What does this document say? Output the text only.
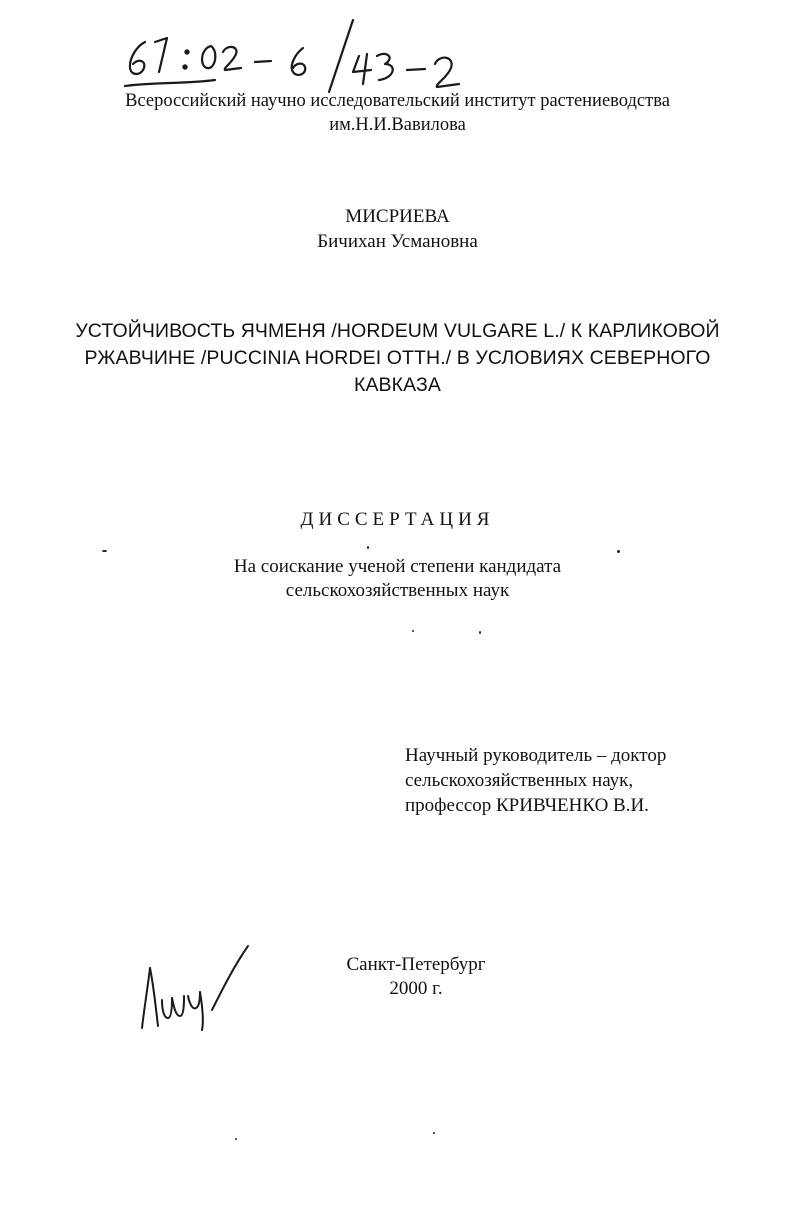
Всероссийский научно исследовательский институт растениеводства
им.Н.И.Вавилова
МИСРИЕВА
Бичихан Усмановна
УСТОЙЧИВОСТЬ ЯЧМЕНЯ /HORDEUM VULGARE L./ К КАРЛИКОВОЙ
РЖАВЧИНЕ /PUCCINIA HORDEI OTTH./ В УСЛОВИЯХ СЕВЕРНОГО
КАВКАЗА
ДИССЕРТАЦИЯ
На соискание ученой степени кандидата
сельскохозяйственных наук
Научный руководитель – доктор
сельскохозяйственных наук,
профессор КРИВЧЕНКО В.И.
Санкт-Петербург
2000 г.
